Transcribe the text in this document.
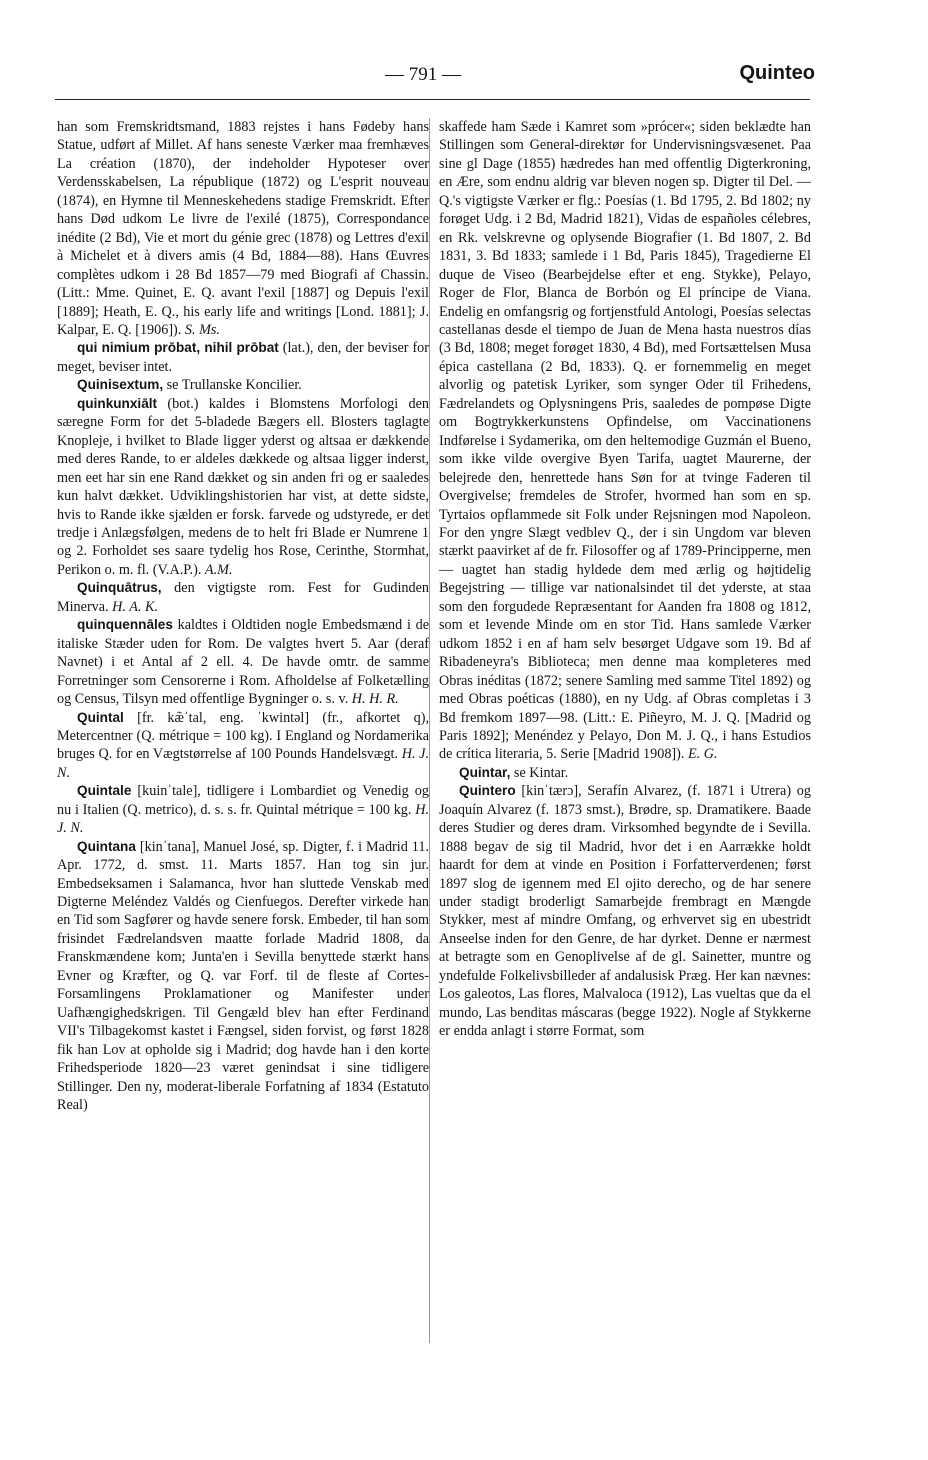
— 791 —	Quinteo

han som Fremskridtsmand, 1883 rejstes i hans Fødeby hans Statue, udført af Millet. Af hans seneste Værker maa fremhæves La création (1870), der indeholder Hypoteser over Verdensskabelsen, La république (1872) og L'esprit nouveau (1874), en Hymne til Menneskehedens stadige Fremskridt. Efter hans Død udkom Le livre de l'exilé (1875), Correspondance inédite (2 Bd), Vie et mort du génie grec (1878) og Lettres d'exil à Michelet et à divers amis (4 Bd, 1884—88). Hans Œuvres complètes udkom i 28 Bd 1857—79 med Biografi af Chassin. (Litt.: Mme. Quinet, E. Q. avant l'exil [1887] og Depuis l'exil [1889]; Heath, E. Q., his early life and writings [Lond. 1881]; J. Kalpar, E. Q. [1906]). S. Ms.

qui nimium prōbat, nihil prōbat (lat.), den, der beviser for meget, beviser intet.

Quinisextum, se Trullanske Koncilier.

quinkunxiālt (bot.) kaldes i Blomstens Morfologi den særegne Form for det 5-bladede Bægers ell. Blosters taglagte Knopleje, i hvilket to Blade ligger yderst og altsaa er dækkende med deres Rande, to er aldeles dækkede og altsaa ligger inderst, men eet har sin ene Rand dækket og sin anden fri og er saaledes kun halvt dækket. Udviklingshistorien har vist, at dette sidste, hvis to Rande ikke sjælden er forsk. farvede og udstyrede, er det tredje i Anlægsfølgen, medens de to helt fri Blade er Numrene 1 og 2. Forholdet ses saare tydelig hos Rose, Cerinthe, Stormhat, Perikon o. m. fl. (V.A.P.). A.M.

Quinquātrus, den vigtigste rom. Fest for Gudinden Minerva. H. A. K.

quinquennāles kaldtes i Oldtiden nogle Embedsmænd i de italiske Stæder uden for Rom. De valgtes hvert 5. Aar (deraf Navnet) i et Antal af 2 ell. 4. De havde omtr. de samme Forretninger som Censorerne i Rom. Afholdelse af Folketælling og Census, Tilsyn med offentlige Bygninger o. s. v. H. H. R.

Quintal [fr. kæ̃ˈtal, eng. ˈkwintəl] (fr., afkortet q), Metercentner (Q. métrique = 100 kg). I England og Nordamerika bruges Q. for en Vægtstørrelse af 100 Pounds Handelsvægt. H. J. N.

Quintale [kuinˈtale], tidligere i Lombardiet og Venedig og nu i Italien (Q. metrico), d. s. s. fr. Quintal métrique = 100 kg. H. J. N.

Quintana [kinˈtana], Manuel José, sp. Digter, f. i Madrid 11. Apr. 1772, d. smst. 11. Marts 1857. Han tog sin jur. Embedseksamen i Salamanca, hvor han sluttede Venskab med Digterne Meléndez Valdés og Cienfuegos. Derefter virkede han en Tid som Sagfører og havde senere forsk. Embeder, til han som frisindet Fædrelandsven maatte forlade Madrid 1808, da Franskmændene kom; Junta'en i Sevilla benyttede stærkt hans Evner og Kræfter, og Q. var Forf. til de fleste af Cortes-Forsamlingens Proklamationer og Manifester under Uafhængighedskrigen. Til Gengæld blev han efter Ferdinand VII's Tilbagekomst kastet i Fængsel, siden forvist, og først 1828 fik han Lov at opholde sig i Madrid; dog havde han i den korte Frihedsperiode 1820—23 været genindsat i sine tidligere Stillinger. Den ny, moderat-liberale Forfatning af 1834 (Estatuto Real)

skaffede ham Sæde i Kamret som »prócer«; siden beklædte han Stillingen som General-direktør for Undervisningsvæsenet. Paa sine gl Dage (1855) hædredes han med offentlig Digterkroning, en Ære, som endnu aldrig var bleven nogen sp. Digter til Del. — Q.'s vigtigste Værker er flg.: Poesías (1. Bd 1795, 2. Bd 1802; ny forøget Udg. i 2 Bd, Madrid 1821), Vidas de españoles célebres, en Rk. velskrevne og oplysende Biografier (1. Bd 1807, 2. Bd 1831, 3. Bd 1833; samlede i 1 Bd, Paris 1845), Tragedierne El duque de Viseo (Bearbejdelse efter et eng. Stykke), Pelayo, Roger de Flor, Blanca de Borbón og El príncipe de Viana. Endelig en omfangsrig og fortjenstfuld Antologi, Poesías selectas castellanas desde el tiempo de Juan de Mena hasta nuestros días (3 Bd, 1808; meget forøget 1830, 4 Bd), med Fortsættelsen Musa épica castellana (2 Bd, 1833). Q. er fornemmelig en meget alvorlig og patetisk Lyriker, som synger Oder til Frihedens, Fædrelandets og Oplysningens Pris, saaledes de pompøse Digte om Bogtrykkerkunstens Opfindelse, om Vaccinationens Indførelse i Sydamerika, om den heltemodige Guzmán el Bueno, som ikke vilde overgive Byen Tarifa, uagtet Maurerne, der belejrede den, henrettede hans Søn for at tvinge Faderen til Overgivelse; fremdeles de Strofer, hvormed han som en sp. Tyrtaios opflammede sit Folk under Rejsningen mod Napoleon. For den yngre Slægt vedblev Q., der i sin Ungdom var bleven stærkt paavirket af de fr. Filosoffer og af 1789-Principperne, men — uagtet han stadig hyldede dem med ærlig og højtidelig Begejstring — tillige var nationalsindet til det yderste, at staa som den forgudede Repræsentant for Aanden fra 1808 og 1812, som et levende Minde om en stor Tid. Hans samlede Værker udkom 1852 i en af ham selv besørget Udgave som 19. Bd af Ribadeneyra's Biblioteca; men denne maa kompleteres med Obras inéditas (1872; senere Samling med samme Titel 1892) og med Obras poéticas (1880), en ny Udg. af Obras completas i 3 Bd fremkom 1897—98. (Litt.: E. Piñeyro, M. J. Q. [Madrid og Paris 1892]; Menéndez y Pelayo, Don M. J. Q., i hans Estudios de crítica literaria, 5. Serie [Madrid 1908]). E. G.

Quintar, se Kintar.

Quintero [kinˈtærɔ], Serafín Alvarez, (f. 1871 i Utrera) og Joaquín Alvarez (f. 1873 smst.), Brødre, sp. Dramatikere. Baade deres Studier og deres dram. Virksomhed begyndte de i Sevilla. 1888 begav de sig til Madrid, hvor det i en Aarrække holdt haardt for dem at vinde en Position i Forfatterverdenen; først 1897 slog de igennem med El ojito derecho, og de har senere under stadigt broderligt Samarbejde frembragt en Mængde Stykker, mest af mindre Omfang, og erhvervet sig en ubestridt Anseelse inden for den Genre, de har dyrket. Denne er nærmest at betragte som en Genoplivelse af de gl. Sainetter, muntre og yndefulde Folkelivsbilleder af andalusisk Præg. Her kan nævnes: Los galeotos, Las flores, Malvaloca (1912), Las vueltas que da el mundo, Las benditas máscaras (begge 1922). Nogle af Stykkerne er endda anlagt i større Format, som
